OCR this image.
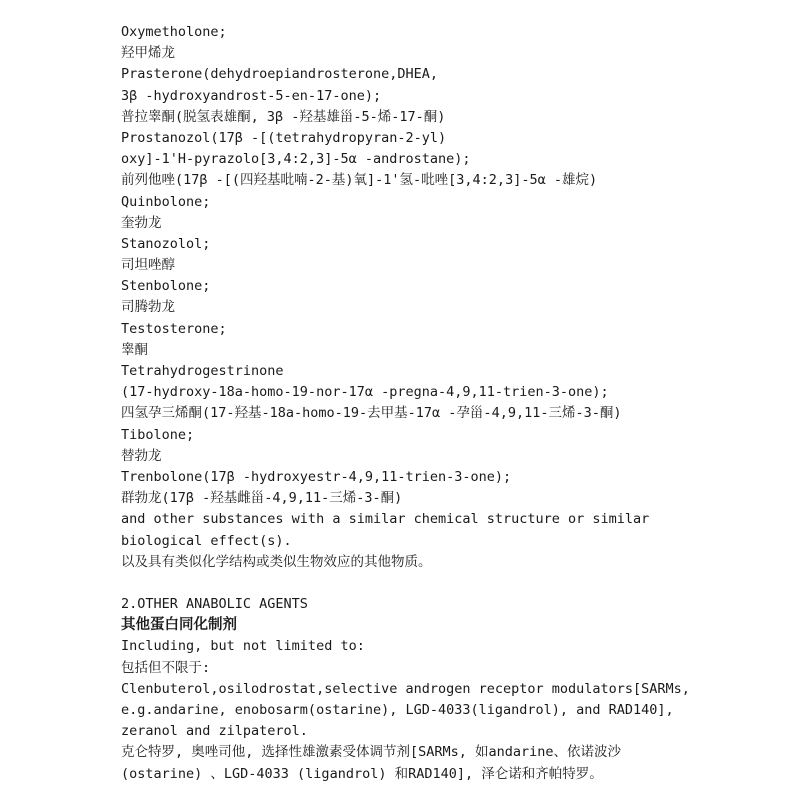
Oxymetholone;
羟甲烯龙
Prasterone(dehydroepiandrosterone,DHEA,
3β -hydroxyandrost-5-en-17-one);
普拉睾酮(脱氢表雄酮, 3β -羟基雄甾-5-烯-17-酮)
Prostanozol(17β -[(tetrahydropyran-2-yl)
oxy]-1'H-pyrazolo[3,4:2,3]-5α -androstane);
前列他唑(17β -[(四羟基吡喃-2-基)氧]-1'氢-吡唑[3,4:2,3]-5α -雄烷)
Quinbolone;
奎勃龙
Stanozolol;
司坦唑醇
Stenbolone;
司腾勃龙
Testosterone;
睾酮
Tetrahydrogestrinone
(17-hydroxy-18a-homo-19-nor-17α -pregna-4,9,11-trien-3-one);
四氢孕三烯酮(17-羟基-18a-homo-19-去甲基-17α -孕甾-4,9,11-三烯-3-酮)
Tibolone;
替勃龙
Trenbolone(17β -hydroxyestr-4,9,11-trien-3-one);
群勃龙(17β -羟基雌甾-4,9,11-三烯-3-酮)
and other substances with a similar chemical structure or similar
biological effect(s).
以及具有类似化学结构或类似生物效应的其他物质。
2.OTHER ANABOLIC AGENTS
其他蛋白同化制剂
Including, but not limited to:
包括但不限于:
Clenbuterol,osilodrostat,selective androgen receptor modulators[SARMs,
e.g.andarine, enobosarm(ostarine), LGD-4033(ligandrol), and RAD140],
zeranol and zilpaterol.
克仑特罗, 奥唑司他, 选择性雄激素受体调节剂[SARMs, 如andarine、依诺波沙
(ostarine) 、LGD-4033 (ligandrol) 和RAD140], 泽仑诺和齐帕特罗。
